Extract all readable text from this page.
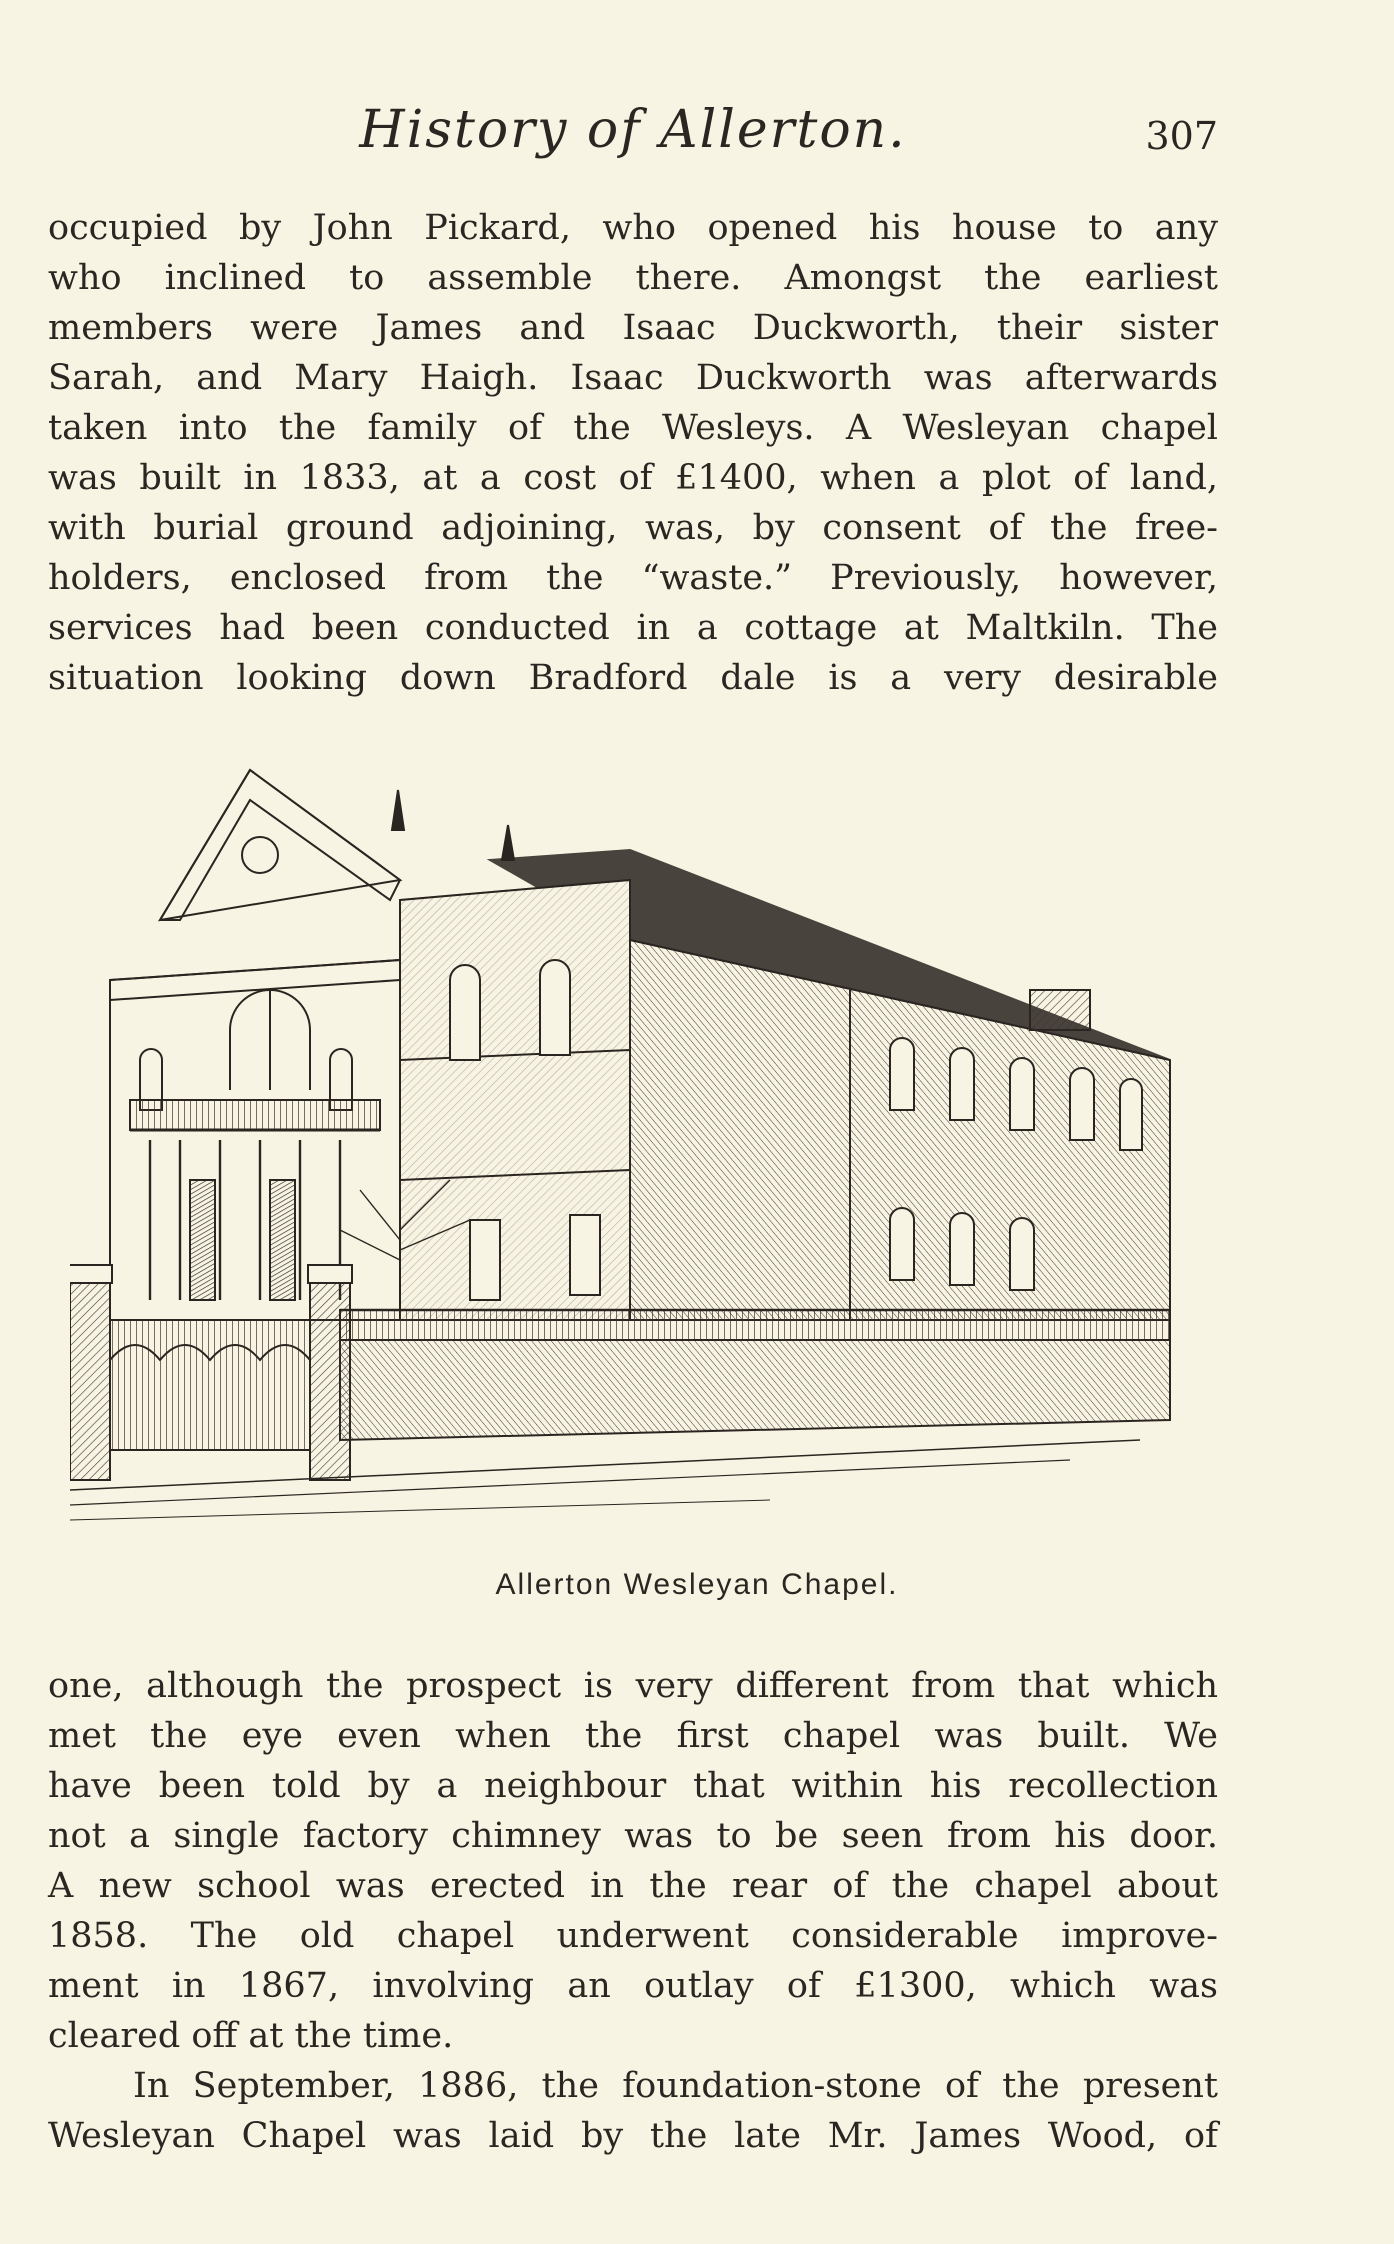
History of Allerton.	307
occupied by John Pickard, who opened his house to any
who inclined to assemble there. Amongst the earliest
members were James and Isaac Duckworth, their sister
Sarah, and Mary Haigh. Isaac Duckworth was afterwards
taken into the family of the Wesleys. A Wesleyan chapel
was built in 1833, at a cost of £1400, when a plot of land,
with burial ground adjoining, was, by consent of the free-
holders, enclosed from the “waste.” Previously, however,
services had been conducted in a cottage at Maltkiln. The
situation looking down Bradford dale is a very desirable
Allerton Wesleyan Chapel.
one, although the prospect is very different from that which
met the eye even when the first chapel was built. We
have been told by a neighbour that within his recollection
not a single factory chimney was to be seen from his door.
A new school was erected in the rear of the chapel about
1858. The old chapel underwent considerable improve-
ment in 1867, involving an outlay of £1300, which was
cleared off at the time.
In September, 1886, the foundation-stone of the present
Wesleyan Chapel was laid by the late Mr. James Wood, of
